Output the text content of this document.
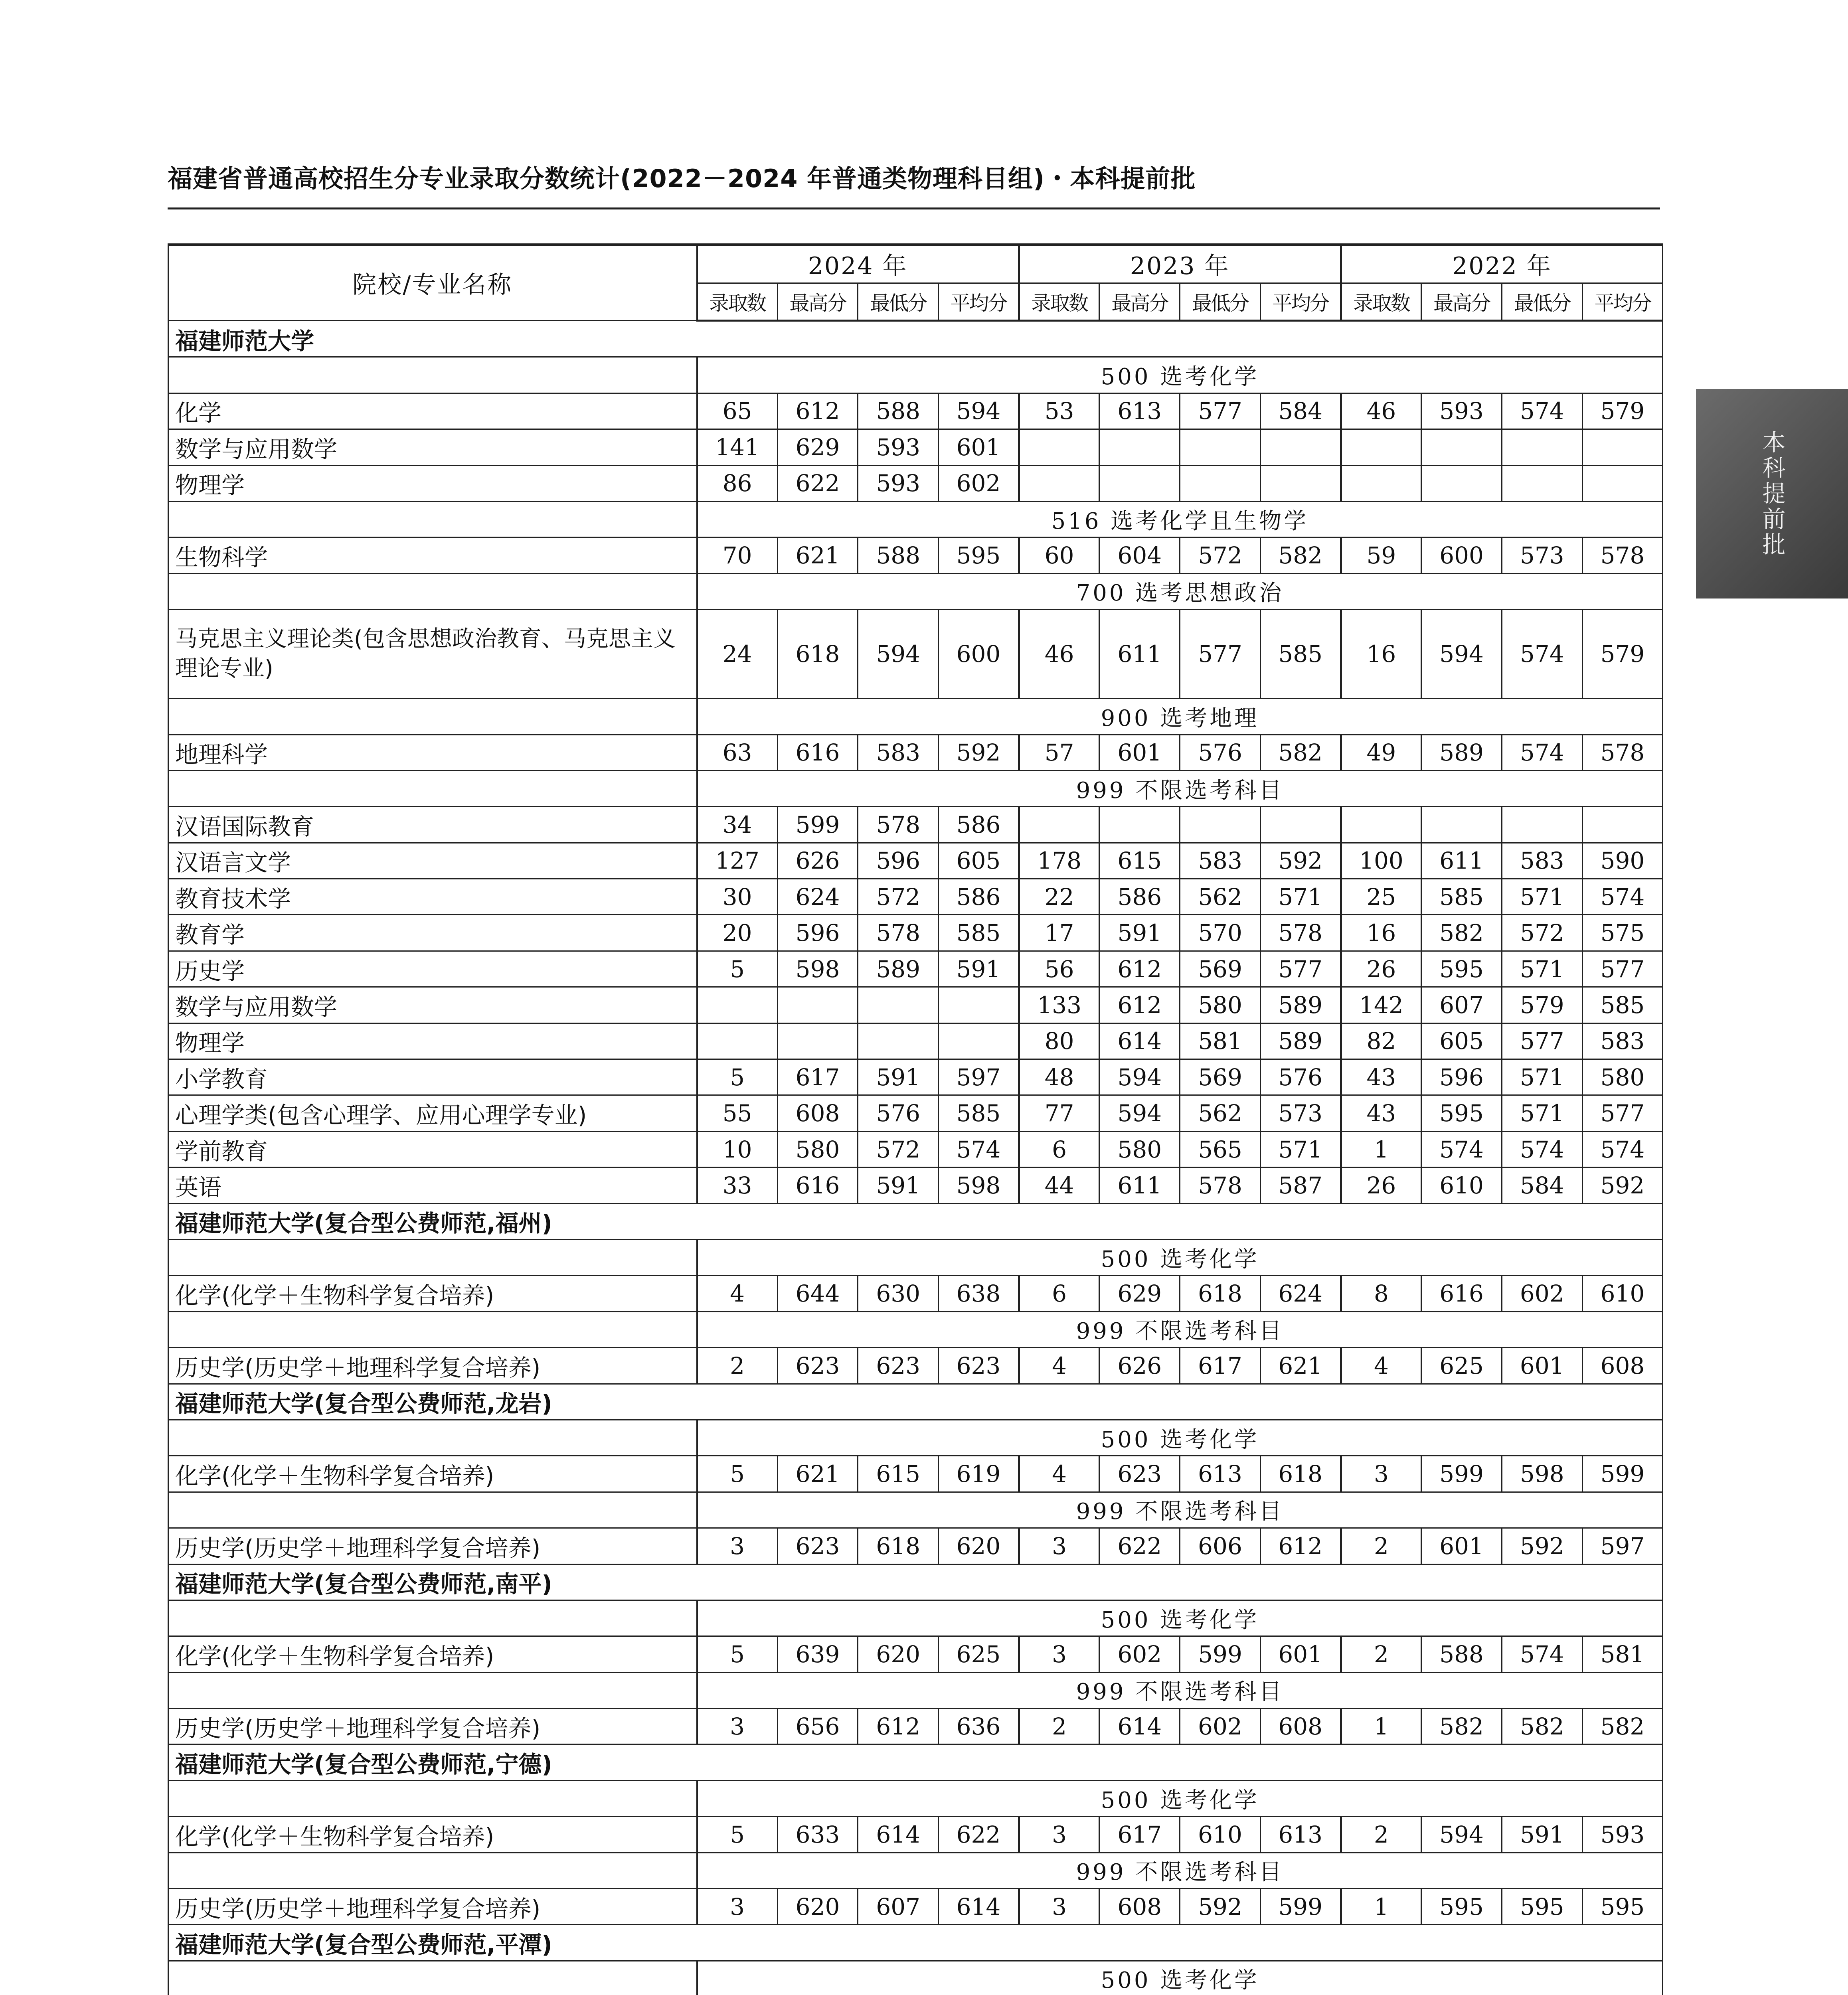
福建省普通高校招生分专业录取分数统计(2022－2024 年普通类物理科目组)・本科提前批
院校/专业名称	2024 年				2023 年				2022 年			
	录取数	最高分	最低分	平均分	录取数	最高分	最低分	平均分	录取数	最高分	最低分	平均分
福建师范大学												
	500 选考化学											
化学	65	612	588	594	53	613	577	584	46	593	574	579
数学与应用数学	141	629	593	601								
物理学	86	622	593	602								
	516 选考化学且生物学											
生物科学	70	621	588	595	60	604	572	582	59	600	573	578
	700 选考思想政治											
马克思主义理论类(包含思想政治教育、马克思主义理论专业)	24	618	594	600	46	611	577	585	16	594	574	579
	900 选考地理											
地理科学	63	616	583	592	57	601	576	582	49	589	574	578
	999 不限选考科目											
汉语国际教育	34	599	578	586								
汉语言文学	127	626	596	605	178	615	583	592	100	611	583	590
教育技术学	30	624	572	586	22	586	562	571	25	585	571	574
教育学	20	596	578	585	17	591	570	578	16	582	572	575
历史学	5	598	589	591	56	612	569	577	26	595	571	577
数学与应用数学					133	612	580	589	142	607	579	585
物理学					80	614	581	589	82	605	577	583
小学教育	5	617	591	597	48	594	569	576	43	596	571	580
心理学类(包含心理学、应用心理学专业)	55	608	576	585	77	594	562	573	43	595	571	577
学前教育	10	580	572	574	6	580	565	571	1	574	574	574
英语	33	616	591	598	44	611	578	587	26	610	584	592
福建师范大学(复合型公费师范,福州)												
	500 选考化学											
化学(化学＋生物科学复合培养)	4	644	630	638	6	629	618	624	8	616	602	610
	999 不限选考科目											
历史学(历史学＋地理科学复合培养)	2	623	623	623	4	626	617	621	4	625	601	608
福建师范大学(复合型公费师范,龙岩)												
	500 选考化学											
化学(化学＋生物科学复合培养)	5	621	615	619	4	623	613	618	3	599	598	599
	999 不限选考科目											
历史学(历史学＋地理科学复合培养)	3	623	618	620	3	622	606	612	2	601	592	597
福建师范大学(复合型公费师范,南平)												
	500 选考化学											
化学(化学＋生物科学复合培养)	5	639	620	625	3	602	599	601	2	588	574	581
	999 不限选考科目											
历史学(历史学＋地理科学复合培养)	3	656	612	636	2	614	602	608	1	582	582	582
福建师范大学(复合型公费师范,宁德)												
	500 选考化学											
化学(化学＋生物科学复合培养)	5	633	614	622	3	617	610	613	2	594	591	593
	999 不限选考科目											
历史学(历史学＋地理科学复合培养)	3	620	607	614	3	608	592	599	1	595	595	595
福建师范大学(复合型公费师范,平潭)												
	500 选考化学											

本科提前批
